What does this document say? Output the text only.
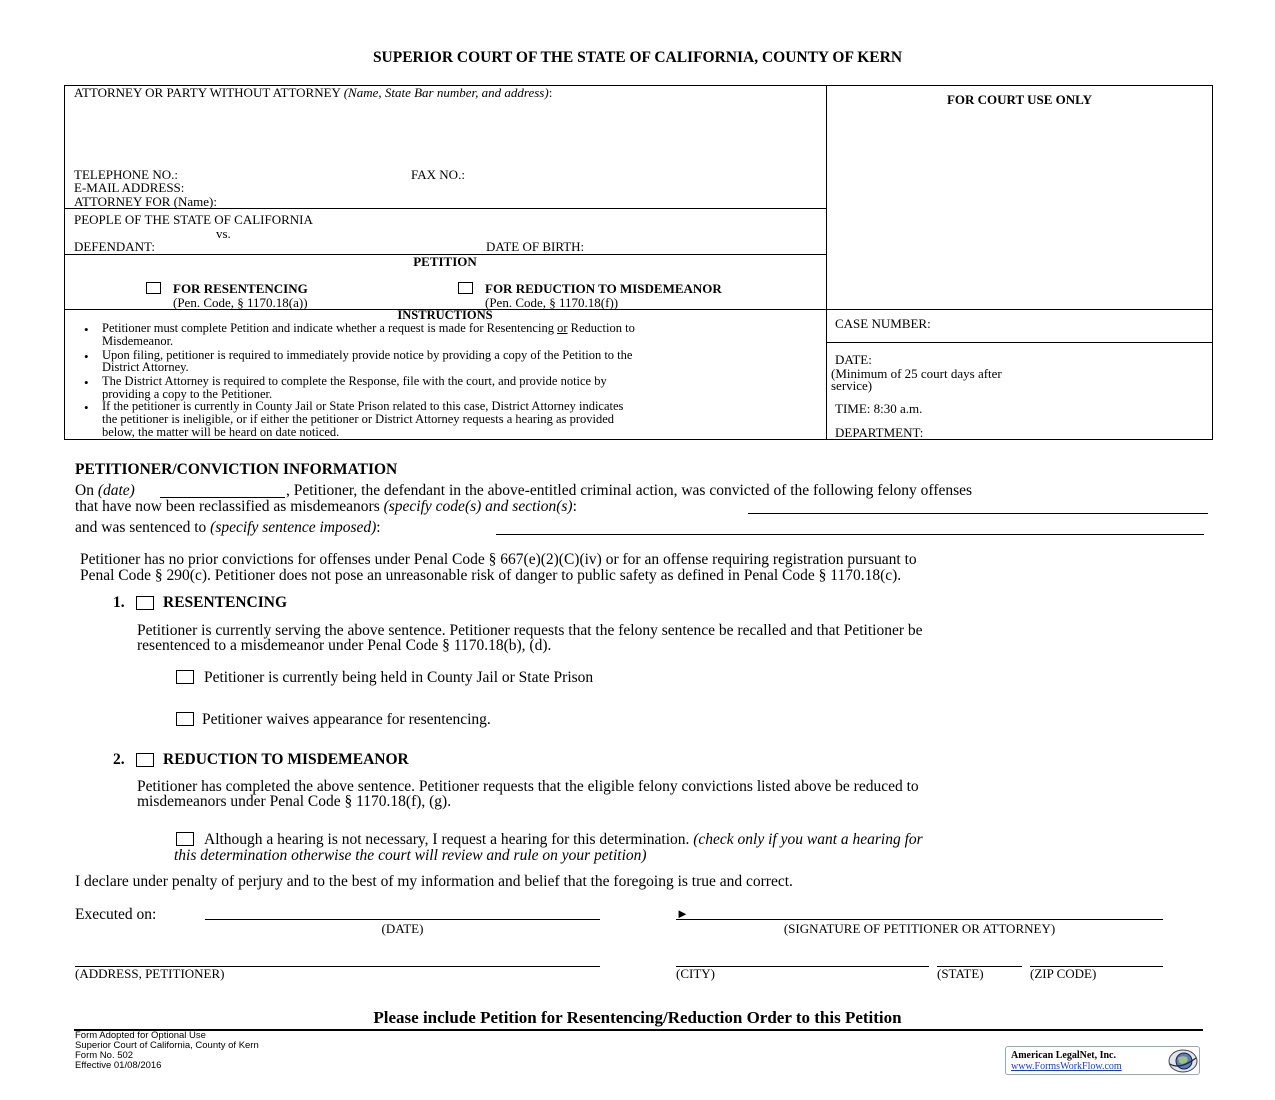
SUPERIOR COURT OF THE STATE OF CALIFORNIA, COUNTY OF KERN
ATTORNEY OR PARTY WITHOUT ATTORNEY (Name, State Bar number, and address):	FOR COURT USE ONLY
TELEPHONE NO.:	FAX NO.:
E-MAIL ADDRESS:
ATTORNEY FOR (Name):
PEOPLE OF THE STATE OF CALIFORNIA
vs.
DEFENDANT:	DATE OF BIRTH:
PETITION
FOR RESENTENCING
(Pen. Code, § 1170.18(a))
FOR REDUCTION TO MISDEMEANOR
(Pen. Code, § 1170.18(f))
INSTRUCTIONS
• Petitioner must complete Petition and indicate whether a request is made for Resentencing or Reduction to
Misdemeanor.
• Upon filing, petitioner is required to immediately provide notice by providing a copy of the Petition to the
District Attorney.
• The District Attorney is required to complete the Response, file with the court, and provide notice by
providing a copy to the Petitioner.
• If the petitioner is currently in County Jail or State Prison related to this case, District Attorney indicates
the petitioner is ineligible, or if either the petitioner or District Attorney requests a hearing as provided
below, the matter will be heard on date noticed.
CASE NUMBER:
DATE:
(Minimum of 25 court days after
service)
TIME: 8:30 a.m.
DEPARTMENT:
PETITIONER/CONVICTION INFORMATION
On (date)	, Petitioner, the defendant in the above-entitled criminal action, was convicted of the following felony offenses
that have now been reclassified as misdemeanors (specify code(s) and section(s):
and was sentenced to (specify sentence imposed):
Petitioner has no prior convictions for offenses under Penal Code § 667(e)(2)(C)(iv) or for an offense requiring registration pursuant to
Penal Code § 290(c). Petitioner does not pose an unreasonable risk of danger to public safety as defined in Penal Code § 1170.18(c).
1. RESENTENCING
Petitioner is currently serving the above sentence. Petitioner requests that the felony sentence be recalled and that Petitioner be
resentenced to a misdemeanor under Penal Code § 1170.18(b), (d).
Petitioner is currently being held in County Jail or State Prison
Petitioner waives appearance for resentencing.
2. REDUCTION TO MISDEMEANOR
Petitioner has completed the above sentence. Petitioner requests that the eligible felony convictions listed above be reduced to
misdemeanors under Penal Code § 1170.18(f), (g).
Although a hearing is not necessary, I request a hearing for this determination. (check only if you want a hearing for
this determination otherwise the court will review and rule on your petition)
I declare under penalty of perjury and to the best of my information and belief that the foregoing is true and correct.
Executed on:
(DATE)
►
(SIGNATURE OF PETITIONER OR ATTORNEY)
(ADDRESS, PETITIONER)	(CITY)	(STATE)	(ZIP CODE)
Please include Petition for Resentencing/Reduction Order to this Petition
Form Adopted for Optional Use
Superior Court of California, County of Kern
Form No. 502
Effective 01/08/2016
American LegalNet, Inc.
www.FormsWorkFlow.com
